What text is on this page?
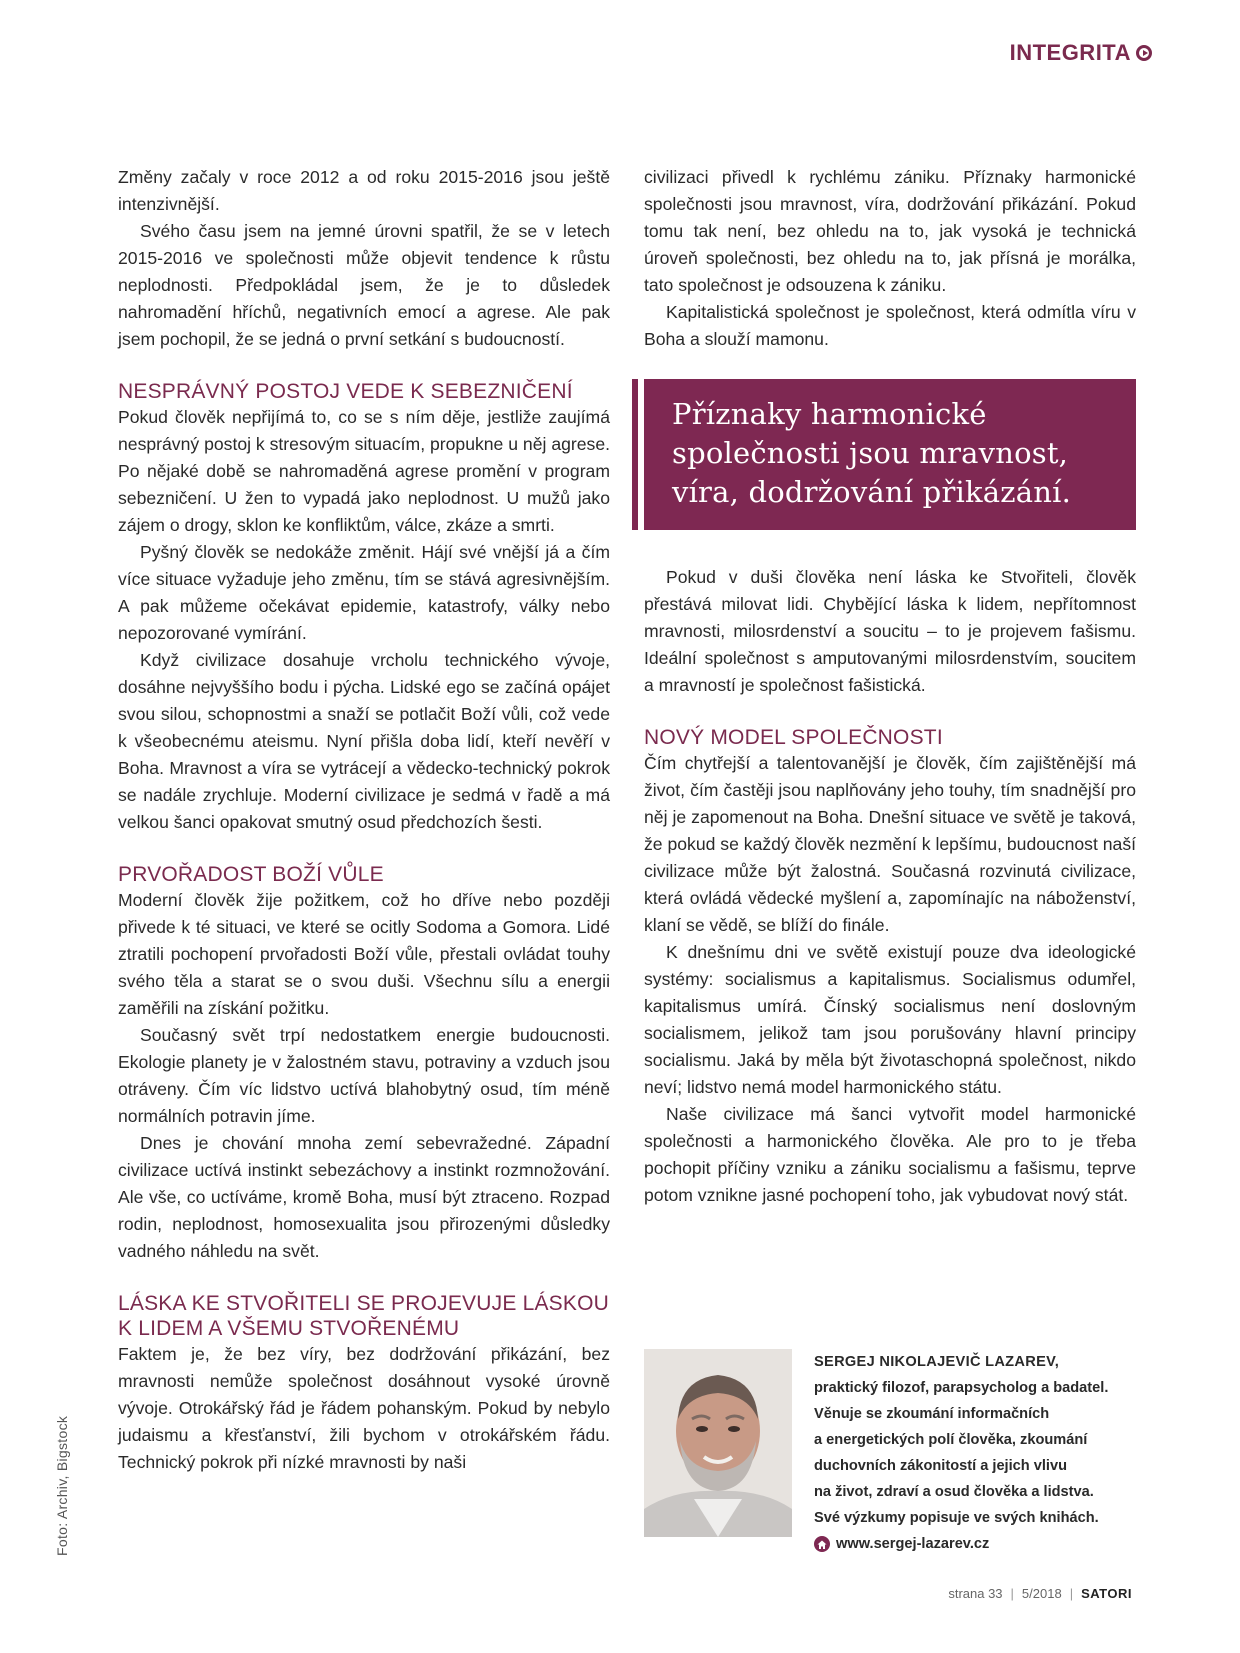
INTEGRITA

Změny začaly v roce 2012 a od roku 2015-2016 jsou ještě intenzivnější.

Svého času jsem na jemné úrovni spatřil, že se v letech 2015-2016 ve společnosti může objevit tendence k růstu neplodnosti. Předpokládal jsem, že je to důsledek nahromadění hříchů, negativních emocí a agrese. Ale pak jsem pochopil, že se jedná o první setkání s budoucností.

NESPRÁVNÝ POSTOJ VEDE K SEBEZNIČENÍ

Pokud člověk nepřijímá to, co se s ním děje, jestliže zaujímá nesprávný postoj k stresovým situacím, propukne u něj agrese. Po nějaké době se nahromaděná agrese promění v program sebezničení. U žen to vypadá jako neplodnost. U mužů jako zájem o drogy, sklon ke konfliktům, válce, zkáze a smrti.

Pyšný člověk se nedokáže změnit. Hájí své vnější já a čím více situace vyžaduje jeho změnu, tím se stává agresivnějším. A pak můžeme očekávat epidemie, katastrofy, války nebo nepozorované vymírání.

Když civilizace dosahuje vrcholu technického vývoje, dosáhne nejvyššího bodu i pýcha. Lidské ego se začíná opájet svou silou, schopnostmi a snaží se potlačit Boží vůli, což vede k všeobecnému ateismu. Nyní přišla doba lidí, kteří nevěří v Boha. Mravnost a víra se vytrácejí a vědecko-technický pokrok se nadále zrychluje. Moderní civilizace je sedmá v řadě a má velkou šanci opakovat smutný osud předchozích šesti.

PRVOŘADOST BOŽÍ VŮLE

Moderní člověk žije požitkem, což ho dříve nebo později přivede k té situaci, ve které se ocitly Sodoma a Gomora. Lidé ztratili pochopení prvořadosti Boží vůle, přestali ovládat touhy svého těla a starat se o svou duši. Všechnu sílu a energii zaměřili na získání požitku.

Současný svět trpí nedostatkem energie budoucnosti. Ekologie planety je v žalostném stavu, potraviny a vzduch jsou otráveny. Čím víc lidstvo uctívá blahobytný osud, tím méně normálních potravin jíme.

Dnes je chování mnoha zemí sebevražedné. Západní civilizace uctívá instinkt sebezáchovy a instinkt rozmnožování. Ale vše, co uctíváme, kromě Boha, musí být ztraceno. Rozpad rodin, neplodnost, homosexualita jsou přirozenými důsledky vadného náhledu na svět.

LÁSKA KE STVOŘITELI SE PROJEVUJE LÁSKOU K LIDEM A VŠEMU STVOŘENÉMU

Faktem je, že bez víry, bez dodržování přikázání, bez mravnosti nemůže společnost dosáhnout vysoké úrovně vývoje. Otrokářský řád je řádem pohanským. Pokud by nebylo judaismu a křesťanství, žili bychom v otrokářském řádu. Technický pokrok při nízké mravnosti by naši

civilizaci přivedl k rychlému zániku. Příznaky harmonické společnosti jsou mravnost, víra, dodržování přikázání. Pokud tomu tak není, bez ohledu na to, jak vysoká je technická úroveň společnosti, bez ohledu na to, jak přísná je morálka, tato společnost je odsouzena k zániku.

Kapitalistická společnost je společnost, která odmítla víru v Boha a slouží mamonu.

Příznaky harmonické společnosti jsou mravnost, víra, dodržování přikázání.

Pokud v duši člověka není láska ke Stvořiteli, člověk přestává milovat lidi. Chybějící láska k lidem, nepřítomnost mravnosti, milosrdenství a soucitu – to je projevem fašismu. Ideální společnost s amputovanými milosrdenstvím, soucitem a mravností je společnost fašistická.

NOVÝ MODEL SPOLEČNOSTI

Čím chytřejší a talentovanější je člověk, čím zajištěnější má život, čím častěji jsou naplňovány jeho touhy, tím snadnější pro něj je zapomenout na Boha. Dnešní situace ve světě je taková, že pokud se každý člověk nezmění k lepšímu, budoucnost naší civilizace může být žalostná. Současná rozvinutá civilizace, která ovládá vědecké myšlení a, zapomínajíc na náboženství, klaní se vědě, se blíží do finále.

K dnešnímu dni ve světě existují pouze dva ideologické systémy: socialismus a kapitalismus. Socialismus odumřel, kapitalismus umírá. Čínský socialismus není doslovným socialismem, jelikož tam jsou porušovány hlavní principy socialismu. Jaká by měla být životaschopná společnost, nikdo neví; lidstvo nemá model harmonického státu.

Naše civilizace má šanci vytvořit model harmonické společnosti a harmonického člověka. Ale pro to je třeba pochopit příčiny vzniku a zániku socialismu a fašismu, teprve potom vznikne jasné pochopení toho, jak vybudovat nový stát.

SERGEJ NIKOLAJEVIČ LAZAREV,
praktický filozof, parapsycholog a badatel. Věnuje se zkoumání informačních
a energetických polí člověka, zkoumání
duchovních zákonitostí a jejich vlivu
na život, zdraví a osud člověka a lidstva.
Své výzkumy popisuje ve svých knihách.
www.sergej-lazarev.cz
Foto: Archiv, Bigstock
strana 33 | 5/2018 | SATORI
